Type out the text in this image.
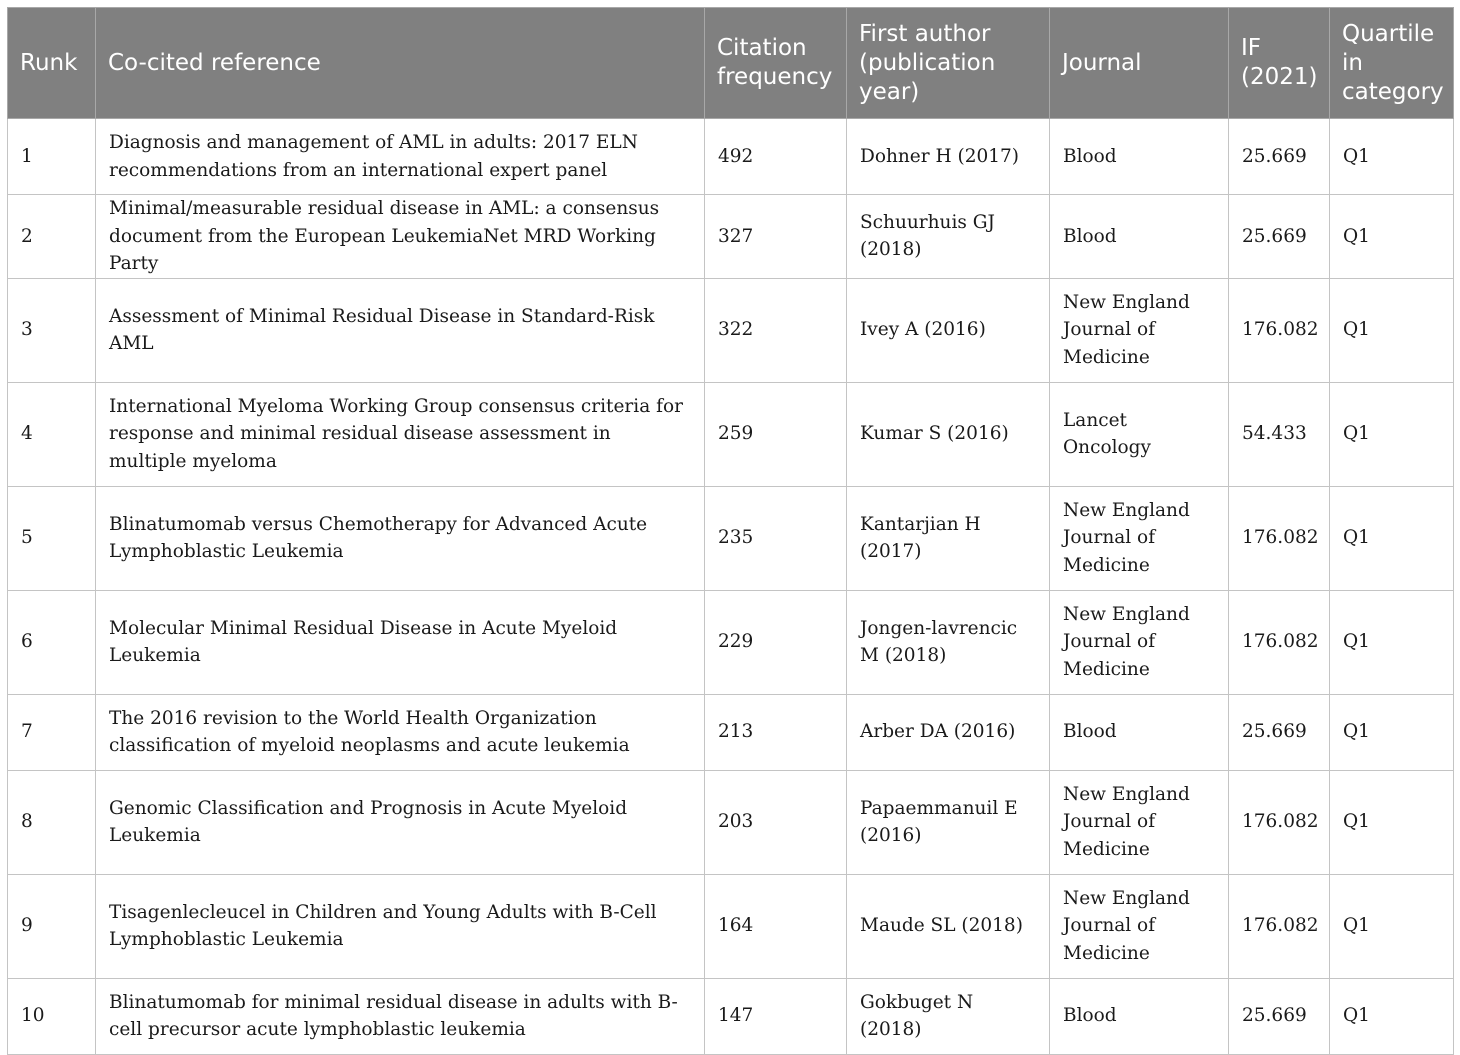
Runk	Co-cited reference	Citation frequency	First author (publication year)	Journal	IF (2021)	Quartile in category
1	Diagnosis and management of AML in adults: 2017 ELN recommendations from an international expert panel	492	Dohner H (2017)	Blood	25.669	Q1
2	Minimal/measurable residual disease in AML: a consensus document from the European LeukemiaNet MRD Working Party	327	Schuurhuis GJ (2018)	Blood	25.669	Q1
3	Assessment of Minimal Residual Disease in Standard-Risk AML	322	Ivey A (2016)	New England Journal of Medicine	176.082	Q1
4	International Myeloma Working Group consensus criteria for response and minimal residual disease assessment in multiple myeloma	259	Kumar S (2016)	Lancet Oncology	54.433	Q1
5	Blinatumomab versus Chemotherapy for Advanced Acute Lymphoblastic Leukemia	235	Kantarjian H (2017)	New England Journal of Medicine	176.082	Q1
6	Molecular Minimal Residual Disease in Acute Myeloid Leukemia	229	Jongen-lavrencic M (2018)	New England Journal of Medicine	176.082	Q1
7	The 2016 revision to the World Health Organization classification of myeloid neoplasms and acute leukemia	213	Arber DA (2016)	Blood	25.669	Q1
8	Genomic Classification and Prognosis in Acute Myeloid Leukemia	203	Papaemmanuil E (2016)	New England Journal of Medicine	176.082	Q1
9	Tisagenlecleucel in Children and Young Adults with B-Cell Lymphoblastic Leukemia	164	Maude SL (2018)	New England Journal of Medicine	176.082	Q1
10	Blinatumomab for minimal residual disease in adults with B-cell precursor acute lymphoblastic leukemia	147	Gokbuget N (2018)	Blood	25.669	Q1
